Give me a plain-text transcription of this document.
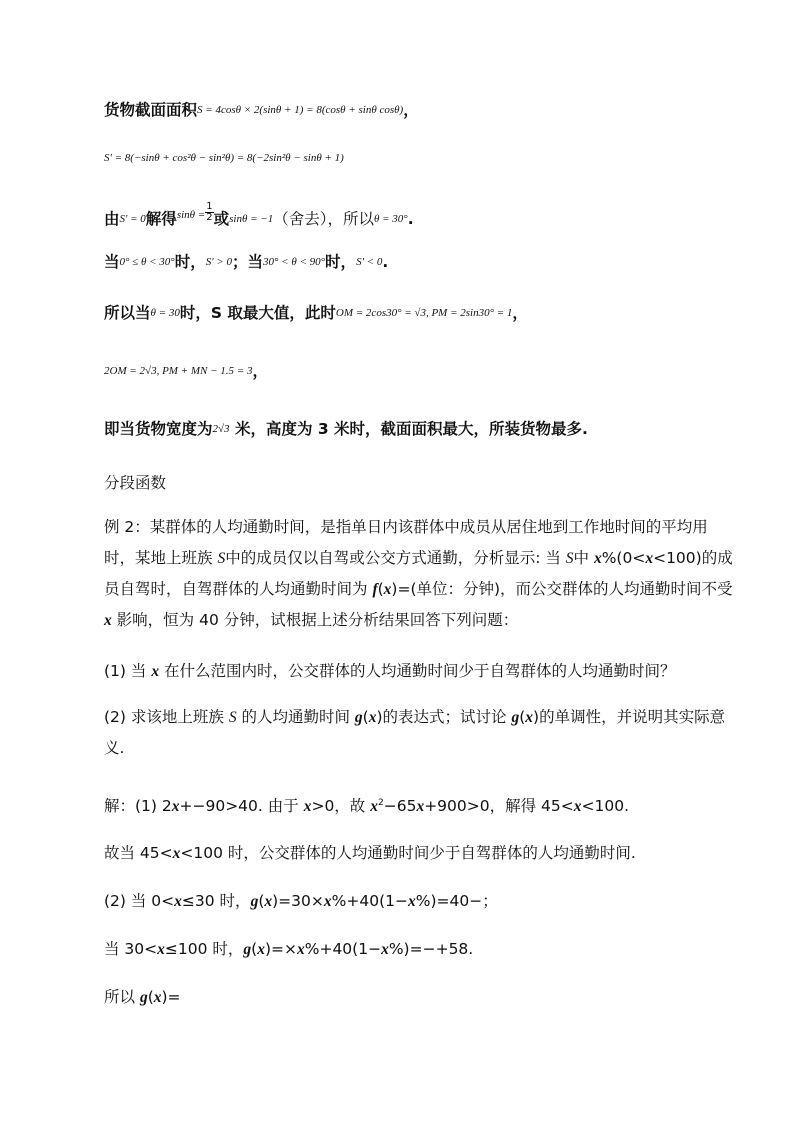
货物截面面积S = 4cosθ × 2(sinθ + 1) = 8(cosθ + sinθ cosθ)，
S' = 8(−sinθ + cos²θ − sin²θ) = 8(−2sin²θ − sinθ + 1)
由S' = 0解得$^{sin\theta =} \frac{1}{2}$ 或sinθ = −1（舍去），所以θ = 30°.
当0° ≤ θ < 30°时，S' > 0；当30° < θ < 90°时，S' < 0.
所以当θ = 30时，S 取最大值，此时OM = 2cos30° = √3, PM = 2sin30° = 1，
2OM = 2√3, PM + MN − 1.5 = 3，
即当货物宽度为2√3 米，高度为 3 米时，截面面积最大，所装货物最多.
分段函数
例 2：某群体的人均通勤时间，是指单日内该群体中成员从居住地到工作地时间的平均用时，某地上班族 S中的成员仅以自驾或公交方式通勤，分析显示: 当 S中 x%(0<x<100)的成员自驾时，自驾群体的人均通勤时间为 f(x)=(单位：分钟)，而公交群体的人均通勤时间不受 x 影响，恒为 40 分钟，试根据上述分析结果回答下列问题：
(1) 当 x 在什么范围内时，公交群体的人均通勤时间少于自驾群体的人均通勤时间？
(2) 求该地上班族 S 的人均通勤时间 g(x)的表达式；试讨论 g(x)的单调性，并说明其实际意义.
解：(1) 2x+−90>40. 由于 x>0，故 $x^2-65x+900>0$，解得 45<x<100.
故当 45<x<100 时，公交群体的人均通勤时间少于自驾群体的人均通勤时间.
(2) 当 0<x≤30 时，g(x)=30×x%+40(1−x%)=40−；
当 30<x≤100 时，g(x)=×x%+40(1−x%)=−+58.
所以 g(x)=
